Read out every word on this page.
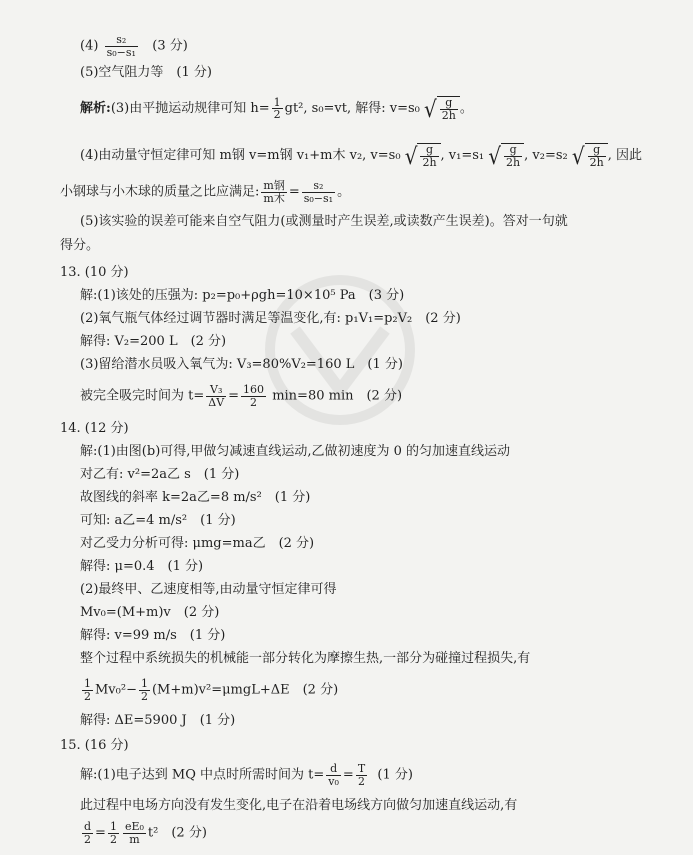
$(4) \frac{\text{s₂}}{\text{s₀−s₁}} (3$ 分)
(5)空气阻力等　(1 分)
解析:(3)由平抛运动规律可知 $h= \frac{1}{2} gt^2$, s₀=vt, 解得: v=s₀ √ $\frac{g}{2h}$ 。
(4)由动量守恒定律可知 m钢 v=m钢 v₁+m木 v₂, v=s₀ √ $\frac{g}{2h}$ , v₁=s₁ √ $\frac{g}{2h}$ , v₂=s₂ √ $\frac{g}{2h}$ , 因此
小钢球与小木球的质量之比应满足: $\frac{\text{m钢}}{\text{m木}} = \frac{\text{s₂}}{\text{s₀−s₁}}$ 。
(5)该实验的误差可能来自空气阻力(或测量时产生误差,或读数产生误差)。答对一句就
得分。
13. (10 分)
解:(1)该处的压强为: p₂=p₀+ρgh=10×10⁵ Pa　(3 分)
(2)氧气瓶气体经过调节器时满足等温变化,有: p₁V₁=p₂V₂　(2 分)
解得: V₂=200 L　(2 分)
(3)留给潜水员吸入氧气为: V₃=80%V₂=160 L　(1 分)
被完全吸完时间为 $t= \frac{\text{V₃}}{\Delta V} = \frac{160}{2} \min=80$ min　(2 分)
14. (12 分)
解:(1)由图(b)可得,甲做匀减速直线运动,乙做初速度为 0 的匀加速直线运动
对乙有: v²=2a乙 s　(1 分)
故图线的斜率 k=2a乙=8 m/s²　(1 分)
可知: a乙=4 m/s²　(1 分)
对乙受力分析可得: μmg=ma乙　(2 分)
解得: μ=0.4　(1 分)
(2)最终甲、乙速度相等,由动量守恒定律可得
Mv₀=(M+m)v　(2 分)
解得: v=99 m/s　(1 分)
整个过程中系统损失的机械能一部分转化为摩擦生热,一部分为碰撞过程损失,有
$\frac{1}{2} Mv_0^2- \frac{1}{2} (M+m)v^2=\mu mgL+\Delta E$　(2 分)
解得: ΔE=5900 J　(1 分)
15. (16 分)
解:(1)电子达到 MQ 中点时所需时间为 $t= \frac{d}{\text{v₀}} = \frac{T}{2} (1$ 分)
此过程中电场方向没有发生变化,电子在沿着电场线方向做匀加速直线运动,有
$\frac{d}{2} = \frac{1}{2} \frac{\text{eE₀}}{m} t^2$　(2 分)
